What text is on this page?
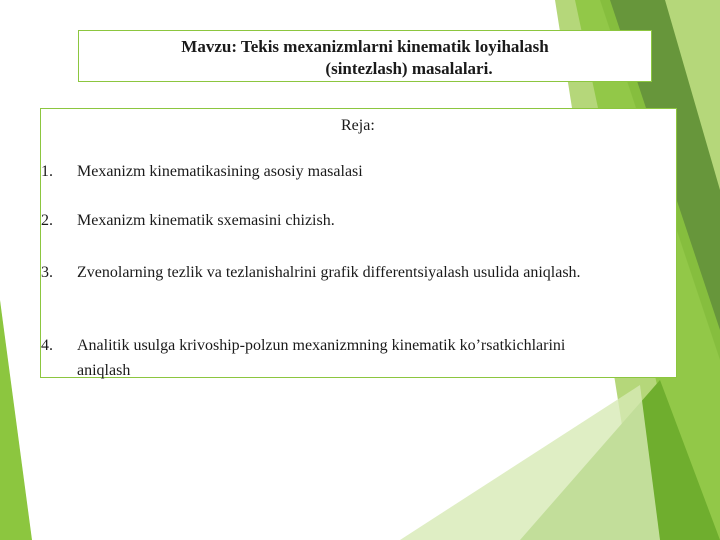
Mavzu: Tekis mexanizmlarni kinematik loyihalash
(sintezlash) masalalari.
Reja:
1. Mexanizm kinematikasining asosiy masalasi
2. Mexanizm kinematik sxemasini chizish.
3. Zvenolarning tezlik va tezlanishalrini grafik differentsiyalash usulida aniqlash.
4. Analitik usulga krivoship-polzun mexanizmning kinematik ko’rsatkichlarini aniqlash
